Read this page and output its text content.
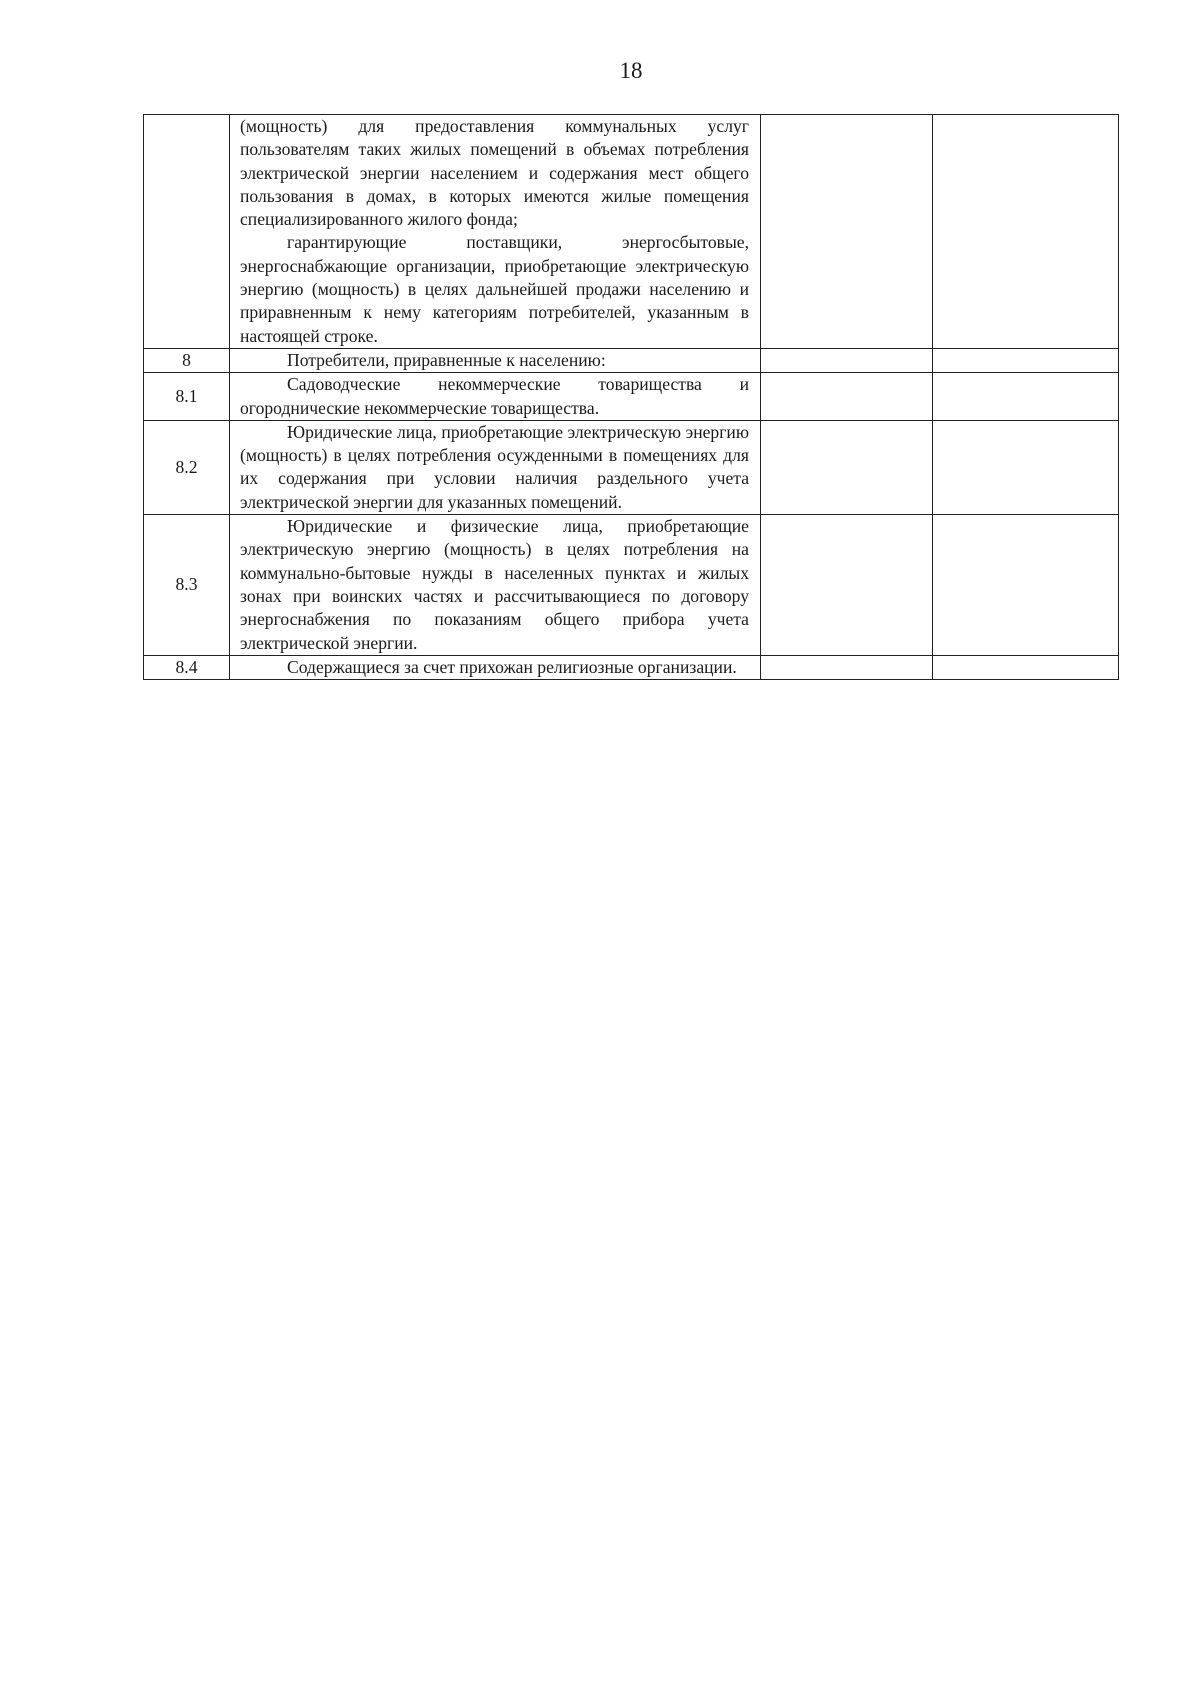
18

	(мощность) для предоставления коммунальных услуг пользователям таких жилых помещений в объемах потребления электрической энергии населением и содержания мест общего пользования в домах, в которых имеются жилые помещения специализированного жилого фонда;
гарантирующие поставщики, энергосбытовые, энергоснабжающие организации, приобретающие электрическую энергию (мощность) в целях дальнейшей продажи населению и приравненным к нему категориям потребителей, указанным в настоящей строке.		

8	Потребители, приравненные к населению:		

8.1	Садоводческие некоммерческие товарищества и огороднические некоммерческие товарищества.		

8.2	Юридические лица, приобретающие электрическую энергию (мощность) в целях потребления осужденными в помещениях для их содержания при условии наличия раздельного учета электрической энергии для указанных помещений.		

8.3	Юридические и физические лица, приобретающие электрическую энергию (мощность) в целях потребления на коммунально-бытовые нужды в населенных пунктах и жилых зонах при воинских частях и рассчитывающиеся по договору энергоснабжения по показаниям общего прибора учета электрической энергии.		

8.4	Содержащиеся за счет прихожан религиозные организации.		
